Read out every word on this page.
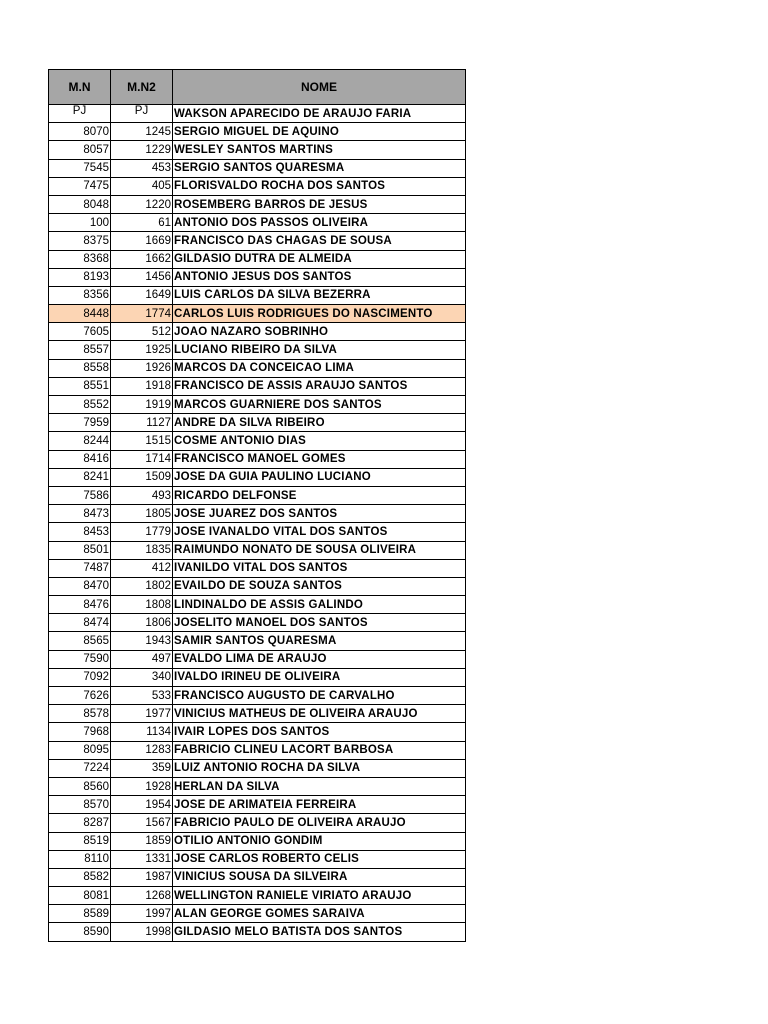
M.N	M.N2	NOME
PJ	PJ	WAKSON APARECIDO DE ARAUJO FARIA
8070	1245	SERGIO MIGUEL DE AQUINO
8057	1229	WESLEY SANTOS MARTINS
7545	453	SERGIO SANTOS QUARESMA
7475	405	FLORISVALDO ROCHA DOS SANTOS
8048	1220	ROSEMBERG BARROS DE JESUS
100	61	ANTONIO DOS PASSOS OLIVEIRA
8375	1669	FRANCISCO DAS CHAGAS DE SOUSA
8368	1662	GILDASIO DUTRA DE ALMEIDA
8193	1456	ANTONIO JESUS DOS SANTOS
8356	1649	LUIS CARLOS DA SILVA BEZERRA
8448	1774	CARLOS LUIS RODRIGUES DO NASCIMENTO
7605	512	JOAO NAZARO SOBRINHO
8557	1925	LUCIANO RIBEIRO DA SILVA
8558	1926	MARCOS DA CONCEICAO LIMA
8551	1918	FRANCISCO DE ASSIS ARAUJO SANTOS
8552	1919	MARCOS GUARNIERE DOS SANTOS
7959	1127	ANDRE DA SILVA RIBEIRO
8244	1515	COSME ANTONIO DIAS
8416	1714	FRANCISCO MANOEL GOMES
8241	1509	JOSE DA GUIA PAULINO LUCIANO
7586	493	RICARDO DELFONSE
8473	1805	JOSE JUAREZ DOS SANTOS
8453	1779	JOSE IVANALDO VITAL DOS SANTOS
8501	1835	RAIMUNDO NONATO DE SOUSA OLIVEIRA
7487	412	IVANILDO VITAL DOS SANTOS
8470	1802	EVAILDO DE SOUZA SANTOS
8476	1808	LINDINALDO DE ASSIS GALINDO
8474	1806	JOSELITO MANOEL DOS SANTOS
8565	1943	SAMIR SANTOS QUARESMA
7590	497	EVALDO LIMA DE ARAUJO
7092	340	IVALDO IRINEU DE OLIVEIRA
7626	533	FRANCISCO AUGUSTO DE CARVALHO
8578	1977	VINICIUS MATHEUS DE OLIVEIRA ARAUJO
7968	1134	IVAIR LOPES DOS SANTOS
8095	1283	FABRICIO CLINEU LACORT BARBOSA
7224	359	LUIZ ANTONIO ROCHA DA SILVA
8560	1928	HERLAN DA SILVA
8570	1954	JOSE DE ARIMATEIA FERREIRA
8287	1567	FABRICIO PAULO DE OLIVEIRA ARAUJO
8519	1859	OTILIO ANTONIO GONDIM
8110	1331	JOSE CARLOS ROBERTO CELIS
8582	1987	VINICIUS SOUSA DA SILVEIRA
8081	1268	WELLINGTON RANIELE VIRIATO ARAUJO
8589	1997	ALAN GEORGE GOMES SARAIVA
8590	1998	GILDASIO MELO BATISTA DOS SANTOS
